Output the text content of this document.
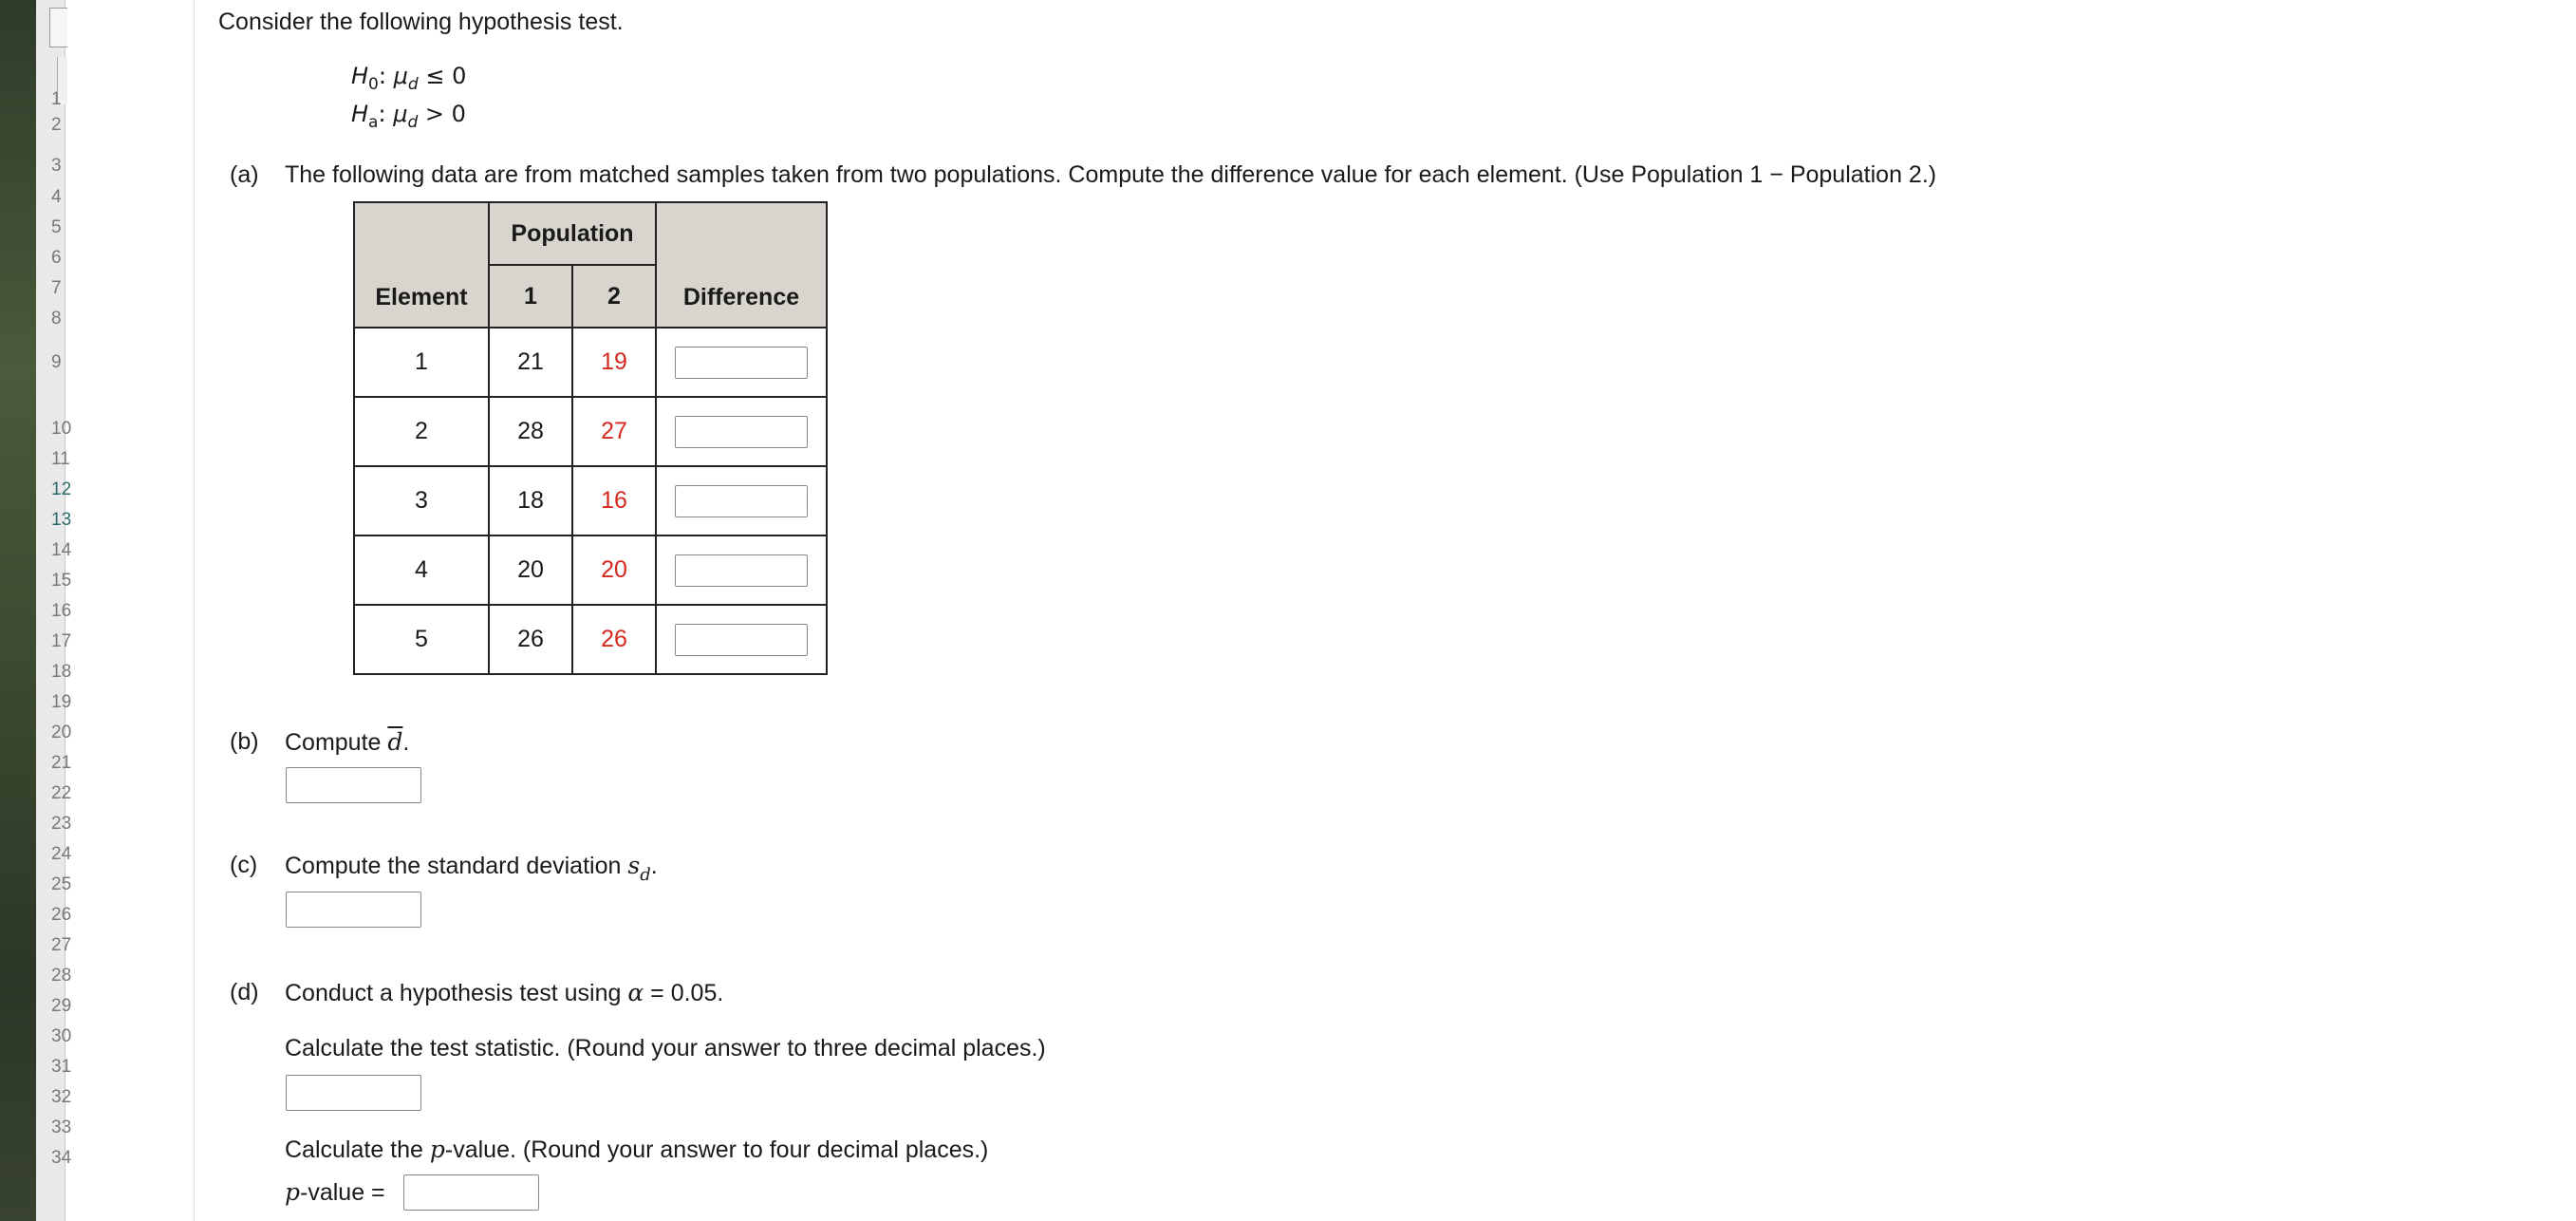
1
2
3
4
5
6
7
8
9
10
11
12
13
14
15
16
17
18
19
20
21
22
23
24
25
26
27
28
29
30
31
32
33
34
Consider the following hypothesis test.
$H_0$: $\mu_d \le 0$
$H_a$: $\mu_d > 0$
(a) The following data are from matched samples taken from two populations. Compute the difference value for each element. (Use Population 1 − Population 2.)
Element	Population		Difference
	1	2	
1	21	19	
2	28	27	
3	18	16	
4	20	20	
5	26	26	
(b) Compute $\overline{d}$.
(c) Compute the standard deviation $s_d$.
(d) Conduct a hypothesis test using α = 0.05.
Calculate the test statistic. (Round your answer to three decimal places.)
Calculate the p-value. (Round your answer to four decimal places.)
p-value =
